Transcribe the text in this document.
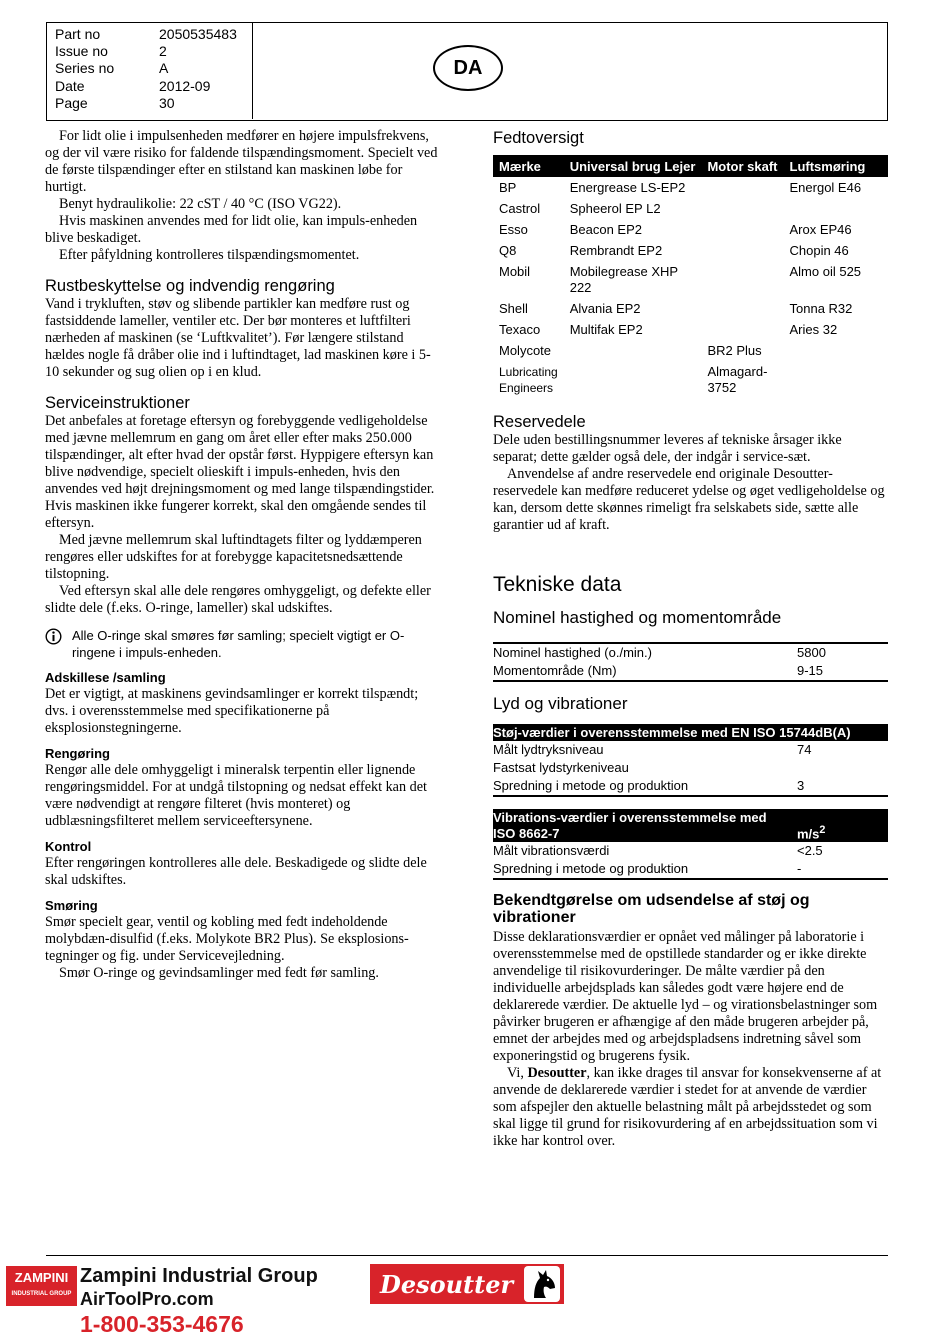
Part no	2050535483
Issue no	2
Series no	A
Date	2012-09
Page	30
DA

For lidt olie i impulsenheden medfører en højere impulsfrekvens, og der vil være risiko for faldende tilspændingsmoment. Specielt ved de første tilspændinger efter en stilstand kan maskinen løbe for hurtigt.

Benyt hydraulikolie: 22 cST / 40 °C (ISO VG22).

Hvis maskinen anvendes med for lidt olie, kan impuls-enheden blive beskadiget.

Efter påfyldning kontrolleres tilspændingsmomentet.

Rustbeskyttelse og indvendig rengøring

Vand i trykluften, støv og slibende partikler kan medføre rust og fastsiddende lameller, ventiler etc. Der bør monteres et luftfilteri nærheden af maskinen (se ‘Luftkvalitet’). Før længere stilstand hældes nogle få dråber olie ind i luftindtaget, lad maskinen køre i 5-10 sekunder og sug olien op i en klud.

Serviceinstruktioner

Det anbefales at foretage eftersyn og forebyggende vedligeholdelse med jævne mellemrum en gang om året eller efter maks 250.000 tilspændinger, alt efter hvad der opstår først. Hyppigere eftersyn kan blive nødvendige, specielt olieskift i impuls-enheden, hvis den anvendes ved højt drejningsmoment og med lange tilspændingstider. Hvis maskinen ikke fungerer korrekt, skal den omgående sendes til eftersyn.

Med jævne mellemrum skal luftindtagets filter og lyddæmperen rengøres eller udskiftes for at forebygge kapacitetsnedsættende tilstopning.

Ved eftersyn skal alle dele rengøres omhyggeligt, og defekte eller slidte dele (f.eks. O-ringe, lameller) skal udskiftes.

Alle O-ringe skal smøres før samling; specielt vigtigt er O-ringene i impuls-enheden.
Adskillese /samling

Det er vigtigt, at maskinens gevindsamlinger er korrekt tilspændt; dvs. i overensstemmelse med specifikationerne på eksplosionstegningerne.

Rengøring

Rengør alle dele omhyggeligt i mineralsk terpentin eller lignende rengøringsmiddel. For at undgå tilstopning og nedsat effekt kan det være nødvendigt at rengøre filteret (hvis monteret) og udblæsningsfilteret mellem serviceeftersynene.

Kontrol

Efter rengøringen kontrolleres alle dele. Beskadigede og slidte dele skal udskiftes.

Smøring

Smør specielt gear, ventil og kobling med fedt indeholdende molybdæn-disulfid (f.eks. Molykote BR2 Plus). Se eksplosions-tegninger og fig. under Servicevejledning.

Smør O-ringe og gevindsamlinger med fedt før samling.

Fedtoversigt
Mærke	Universal brug Lejer	Motor skaft	Luftsmøring
BP	Energrease LS-EP2		Energol E46
Castrol	Spheerol EP L2		
Esso	Beacon EP2		Arox EP46
Q8	Rembrandt EP2		Chopin 46
Mobil	Mobilegrease XHP 222		Almo oil 525
Shell	Alvania EP2		Tonna R32
Texaco	Multifak EP2		Aries 32
Molycote		BR2 Plus	
Lubricating Engineers		Almagard-3752	
Reservedele

Dele uden bestillingsnummer leveres af tekniske årsager ikke separat; dette gælder også dele, der indgår i service-sæt.

Anvendelse af andre reservedele end originale Desoutter-reservedele kan medføre reduceret ydelse og øget vedligeholdelse og kan, dersom dette skønnes rimeligt fra selskabets side, sætte alle garantier ud af kraft.

Tekniske data
Nominel hastighed og momentområde

Nominel hastighed (o./min.)	5800
Momentområde (Nm)	9-15

Lyd og vibrationer
Støj-værdier i overensstemmelse med EN ISO 15744dB(A)	
Målt lydtryksniveau	74
Fastsat lydstyrkeniveau	
Spredning i metode og produktion	3

Vibrations-værdier i overensstemmelse med ISO 8662-7	$m/s^2$
Målt vibrationsværdi	<2.5
Spredning i metode og produktion	-

Bekendtgørelse om udsendelse af støj og vibrationer

Disse deklarationsværdier er opnået ved målinger på laboratorie i overensstemmelse med de opstillede standarder og er ikke direkte anvendelige til risikovurderinger. De målte værdier på den individuelle arbejdsplads kan således godt være højere end de deklarerede værdier. De aktuelle lyd – og virationsbelastninger som påvirker brugeren er afhængige af den måde brugeren arbejder på, emnet der arbejdes med og arbejdspladsens indretning såvel som exponeringstid og brugerens fysik.

Vi, Desoutter, kan ikke drages til ansvar for konsekvenserne af at anvende de deklarerede værdier i stedet for at anvende de værdier som afspejler den aktuelle belastning målt på arbejdsstedet og som skal ligge til grund for risikovurdering af en arbejdssituation som vi ikke har kontrol over.

ZAMPINI
INDUSTRIAL GROUP
Zampini Industrial Group
AirToolPro.com
1-800-353-4676
Desoutter
